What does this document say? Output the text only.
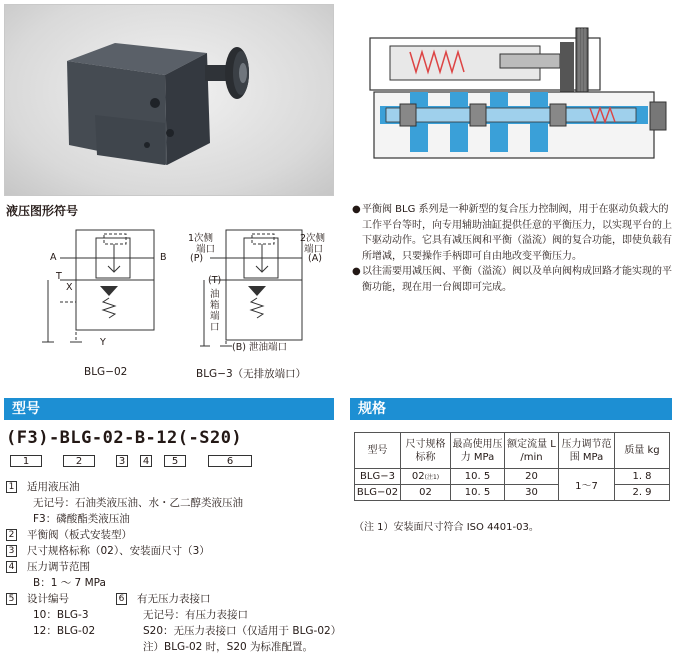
液压图形符号
A	B
T
X
Y
BLG−02
1次侧
端口
(P)
2次侧
端口
(A)
(T)
油箱端口
(B) 泄油端口
BLG−3（无排放端口）

● 平衡阀 BLG 系列是一种新型的复合压力控制阀，用于在驱动负载大的工作平台等时，向专用辅助油缸提供任意的平衡压力，以实现平台的上下驱动动作。它具有减压阀和平衡（溢流）阀的复合功能，即使负载有所增减，只要操作手柄即可自由地改变平衡压力。

● 以往需要用减压阀、平衡（溢流）阀以及单向阀构成回路才能实现的平衡功能，现在用一台阀即可完成。

型号
(F3)-BLG-02-B-12(-S20)
1	2	3 4	5	6
1 适用液压油
无记号：石油类液压油、水・乙二醇类液压油
F3：磷酸酯类液压油
2 平衡阀（板式安装型）
3 尺寸规格标称（02）、安装面尺寸（3）
4 压力调节范围
B：1 ～ 7 MPa
5 设计编号
10：BLG-3
12：BLG-02
6 有无压力表接口
无记号：有压力表接口
S20：无压力表接口（仅适用于 BLG-02）
注）BLG-02 时，S20 为标准配置。
规格
型号	尺寸规格标称	最高使用压力 MPa	额定流量 L /min	压力调节范围 MPa	质量 kg
BLG−3	02(注1)	10. 5	20	1～7	1. 8
BLG−02	02	10. 5	30		2. 9
（注 1）安装面尺寸符合 ISO 4401-03。
